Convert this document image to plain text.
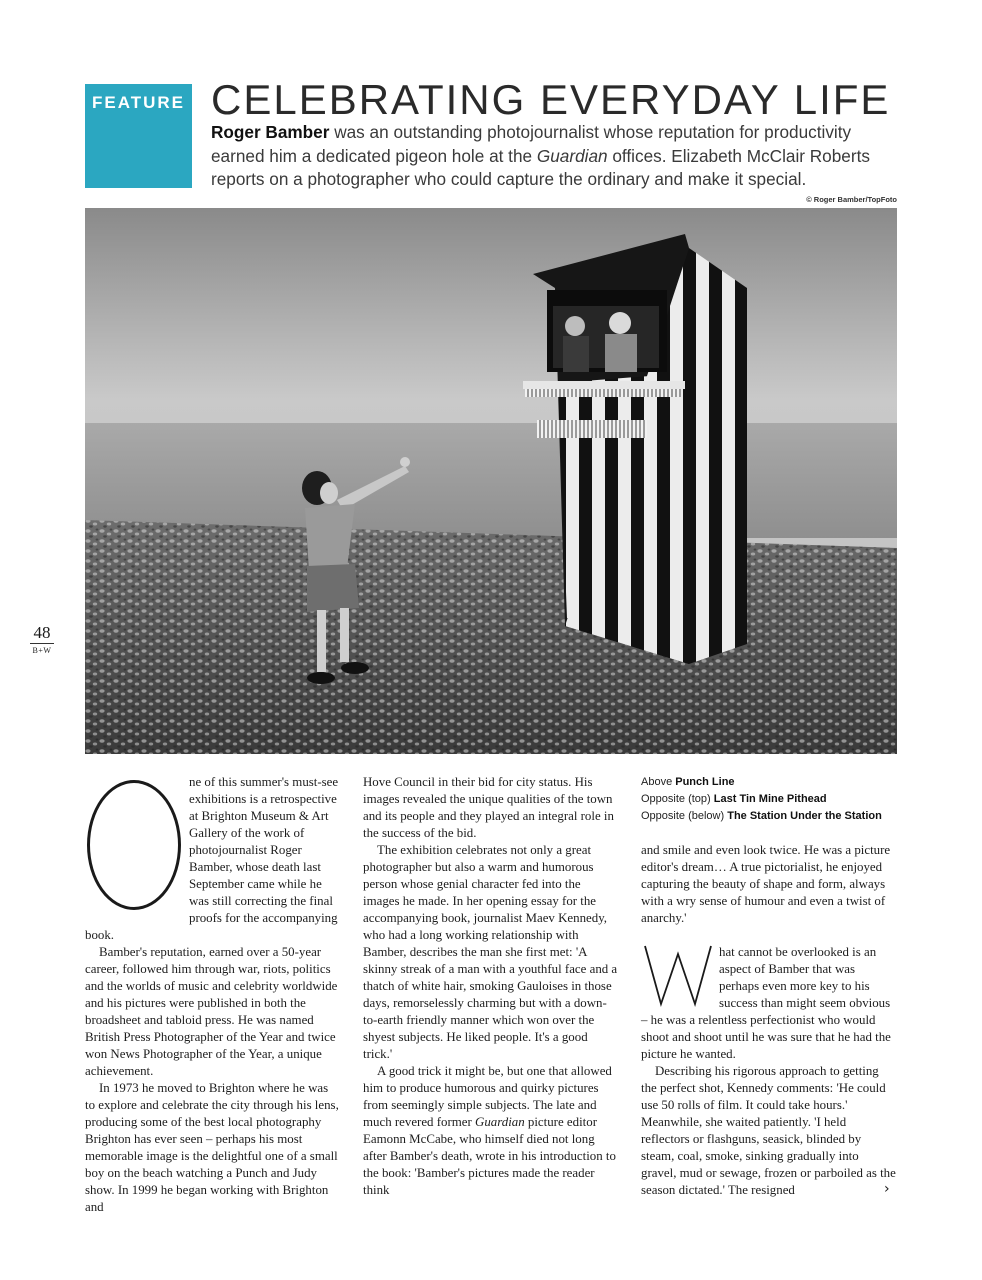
FEATURE CELEBRATING EVERYDAY LIFE

Roger Bamber was an outstanding photojournalist whose reputation for productivity earned him a dedicated pigeon hole at the Guardian offices. Elizabeth McClair Roberts reports on a photographer who could capture the ordinary and make it special.

© Roger Bamber/TopFoto
48
B+W

ne of this summer's must-see exhibitions is a retrospective at Brighton Museum & Art Gallery of the work of photojournalist Roger Bamber, whose death last September came while he was still correcting the final proofs for the accompanying book.

Bamber's reputation, earned over a 50-year career, followed him through war, riots, politics and the worlds of music and celebrity worldwide and his pictures were published in both the broadsheet and tabloid press. He was named British Press Photographer of the Year and twice won News Photographer of the Year, a unique achievement.

In 1973 he moved to Brighton where he was to explore and celebrate the city through his lens, producing some of the best local photography Brighton has ever seen – perhaps his most memorable image is the delightful one of a small boy on the beach watching a Punch and Judy show. In 1999 he began working with Brighton and

Hove Council in their bid for city status. His images revealed the unique qualities of the town and its people and they played an integral role in the success of the bid.

The exhibition celebrates not only a great photographer but also a warm and humorous person whose genial character fed into the images he made. In her opening essay for the accompanying book, journalist Maev Kennedy, who had a long working relationship with Bamber, describes the man she first met: 'A skinny streak of a man with a youthful face and a thatch of white hair, smoking Gauloises in those days, remorselessly charming but with a down-to-earth friendly manner which won over the shyest subjects. He liked people. It's a good trick.'

A good trick it might be, but one that allowed him to produce humorous and quirky pictures from seemingly simple subjects. The late and much revered former Guardian picture editor Eamonn McCabe, who himself died not long after Bamber's death, wrote in his introduction to the book: 'Bamber's pictures made the reader think

Above Punch Line
Opposite (top) Last Tin Mine Pithead
Opposite (below) The Station Under the Station

and smile and even look twice. He was a picture editor's dream… A true pictorialist, he enjoyed capturing the beauty of shape and form, always with a wry sense of humour and even a twist of anarchy.'

hat cannot be overlooked is an aspect of Bamber that was perhaps even more key to his success than might seem obvious – he was a relentless perfectionist who would shoot and shoot until he was sure that he had the picture he wanted.

Describing his rigorous approach to getting the perfect shot, Kennedy comments: 'He could use 50 rolls of film. It could take hours.' Meanwhile, she waited patiently. 'I held reflectors or flashguns, seasick, blinded by steam, coal, smoke, sinking gradually into gravel, mud or sewage, frozen or parboiled as the season dictated.' The resigned	›
